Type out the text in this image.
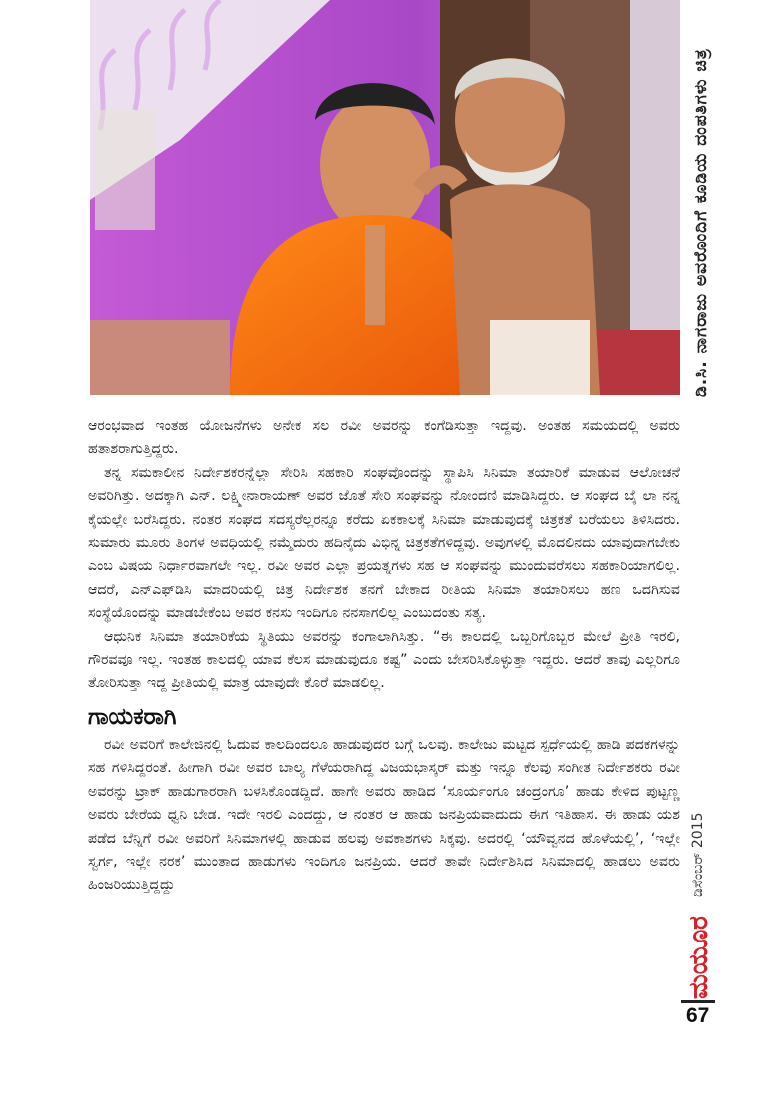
ಡಿ.ಸಿ. ನಾಗರಾಜು ಅವರೊಂದಿಗೆ ಕೂಡಿಯ ದಂಪತಿಗಳು ಚಿತ್ರ

ಆರಂಭವಾದ ಇಂತಹ ಯೋಜನೆಗಳು ಅನೇಕ ಸಲ ರವೀ ಅವರನ್ನು ಕಂಗೆಡಿಸುತ್ತಾ ಇದ್ದವು. ಅಂತಹ ಸಮಯದಲ್ಲಿ ಅವರು ಹತಾಶರಾಗುತ್ತಿದ್ದರು.

ತನ್ನ ಸಮಕಾಲೀನ ನಿರ್ದೇಶಕರನ್ನೆಲ್ಲಾ ಸೇರಿಸಿ ಸಹಕಾರಿ ಸಂಘವೊಂದನ್ನು ಸ್ಥಾಪಿಸಿ ಸಿನಿಮಾ ತಯಾರಿಕೆ ಮಾಡುವ ಆಲೋಚನೆ ಅವರಿಗಿತ್ತು. ಅದಕ್ಕಾಗಿ ಎನ್. ಲಕ್ಷ್ಮೀನಾರಾಯಣ್ ಅವರ ಜೊತೆ ಸೇರಿ ಸಂಘವನ್ನು ನೋಂದಣಿ ಮಾಡಿಸಿದ್ದರು. ಆ ಸಂಘದ ಬೈ ಲಾ ನನ್ನ ಕೈಯಲ್ಲೇ ಬರೆಸಿದ್ದರು. ನಂತರ ಸಂಘದ ಸದಸ್ಯರೆಲ್ಲರನ್ನೂ ಕರೆದು ಏಕಕಾಲಕ್ಕೆ ಸಿನಿಮಾ ಮಾಡುವುದಕ್ಕೆ ಚಿತ್ರಕತೆ ಬರೆಯಲು ತಿಳಿಸಿದರು. ಸುಮಾರು ಮೂರು ತಿಂಗಳ ಅವಧಿಯಲ್ಲಿ ನಮ್ಮೆದುರು ಹದಿನೈದು ವಿಭಿನ್ನ ಚಿತ್ರಕತೆಗಳಿದ್ದವು. ಅವುಗಳಲ್ಲಿ ಮೊದಲಿನದು ಯಾವುದಾಗಬೇಕು ಎಂಬ ವಿಷಯ ನಿರ್ಧಾರವಾಗಲೇ ಇಲ್ಲ. ರವೀ ಅವರ ಎಲ್ಲಾ ಪ್ರಯತ್ನಗಳು ಸಹ ಆ ಸಂಘವನ್ನು ಮುಂದುವರೆಸಲು ಸಹಕಾರಿಯಾಗಲಿಲ್ಲ. ಆದರೆ, ಎನ್‌ಎಫ್‌ಡಿಸಿ ಮಾದರಿಯಲ್ಲಿ ಚಿತ್ರ ನಿರ್ದೇಶಕ ತನಗೆ ಬೇಕಾದ ರೀತಿಯ ಸಿನಿಮಾ ತಯಾರಿಸಲು ಹಣ ಒದಗಿಸುವ ಸಂಸ್ಥೆಯೊಂದನ್ನು ಮಾಡಬೇಕೆಂಬ ಅವರ ಕನಸು ಇಂದಿಗೂ ನನಸಾಗಲಿಲ್ಲ ಎಂಬುದಂತು ಸತ್ಯ.

ಆಧುನಿಕ ಸಿನಿಮಾ ತಯಾರಿಕೆಯ ಸ್ಥಿತಿಯು ಅವರನ್ನು ಕಂಗಾಲಾಗಿಸಿತ್ತು. “ಈ ಕಾಲದಲ್ಲಿ ಒಬ್ಬರಿಗೊಬ್ಬರ ಮೇಲೆ ಪ್ರೀತಿ ಇರಲಿ, ಗೌರವವೂ ಇಲ್ಲ. ಇಂತಹ ಕಾಲದಲ್ಲಿ ಯಾವ ಕೆಲಸ ಮಾಡುವುದೂ ಕಷ್ಟ” ಎಂದು ಬೇಸರಿಸಿಕೊಳ್ಳುತ್ತಾ ಇದ್ದರು. ಆದರೆ ತಾವು ಎಲ್ಲರಿಗೂ ತೋರಿಸುತ್ತಾ ಇದ್ದ ಪ್ರೀತಿಯಲ್ಲಿ ಮಾತ್ರ ಯಾವುದೇ ಕೊರೆ ಮಾಡಲಿಲ್ಲ.

ಗಾಯಕರಾಗಿ

ರವೀ ಅವರಿಗೆ ಕಾಲೇಜಿನಲ್ಲಿ ಓದುವ ಕಾಲದಿಂದಲೂ ಹಾಡುವುದರ ಬಗ್ಗೆ ಒಲವು. ಕಾಲೇಜು ಮಟ್ಟದ ಸ್ಪರ್ಧೆಯಲ್ಲಿ ಹಾಡಿ ಪದಕಗಳನ್ನು ಸಹ ಗಳಿಸಿದ್ದರಂತೆ. ಹೀಗಾಗಿ ರವೀ ಅವರ ಬಾಲ್ಯ ಗೆಳೆಯರಾಗಿದ್ದ ವಿಜಯಭಾಸ್ಕರ್ ಮತ್ತು ಇನ್ನೂ ಕೆಲವು ಸಂಗೀತ ನಿರ್ದೇಶಕರು ರವೀ ಅವರನ್ನು ಟ್ರಾಕ್ ಹಾಡುಗಾರರಾಗಿ ಬಳಸಿಕೊಂಡದ್ದಿದೆ. ಹಾಗೇ ಅವರು ಹಾಡಿದ ‘ಸೂರ್ಯಂಗೂ ಚಂದ್ರಂಗೂ’ ಹಾಡು ಕೇಳಿದ ಪುಟ್ಟಣ್ಣ ಅವರು ಬೇರೆಯ ಧ್ವನಿ ಬೇಡ. ಇದೇ ಇರಲಿ ಎಂದದ್ದು, ಆ ನಂತರ ಆ ಹಾಡು ಜನಪ್ರಿಯವಾದುದು ಈಗ ಇತಿಹಾಸ. ಈ ಹಾಡು ಯಶ ಪಡೆದ ಬೆನ್ನಿಗೆ ರವೀ ಅವರಿಗೆ ಸಿನಿಮಾಗಳಲ್ಲಿ ಹಾಡುವ ಹಲವು ಅವಕಾಶಗಳು ಸಿಕ್ಕವು. ಅದರಲ್ಲಿ ‘ಯೌವ್ವನದ ಹೊಳೆಯಲ್ಲಿ’, ‘ಇಲ್ಲೇ ಸ್ವರ್ಗ, ಇಲ್ಲೇ ನರಕ’ ಮುಂತಾದ ಹಾಡುಗಳು ಇಂದಿಗೂ ಜನಪ್ರಿಯ. ಆದರೆ ತಾವೇ ನಿರ್ದೇಶಿಸಿದ ಸಿನಿಮಾದಲ್ಲಿ ಹಾಡಲು ಅವರು ಹಿಂಜರಿಯುತ್ತಿದ್ದದ್ದು	ಡಿಸೆಂಬರ್ 2015
ಮಯೂರ
67
